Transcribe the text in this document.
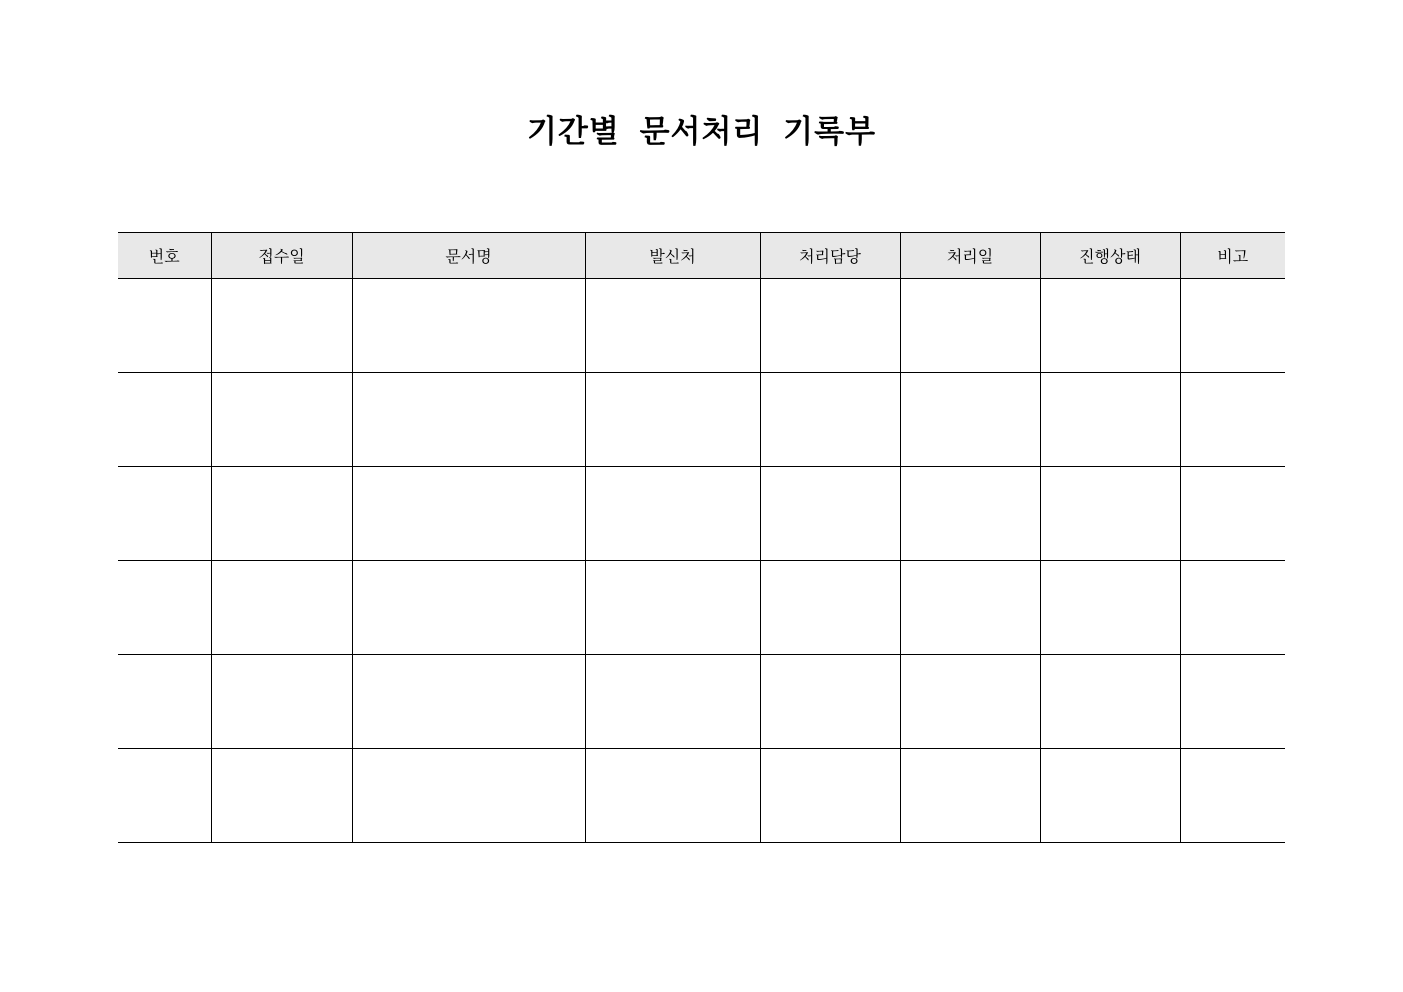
기간별 문서처리 기록부
번호	접수일	문서명	발신처	처리담당	처리일	진행상태	비고
